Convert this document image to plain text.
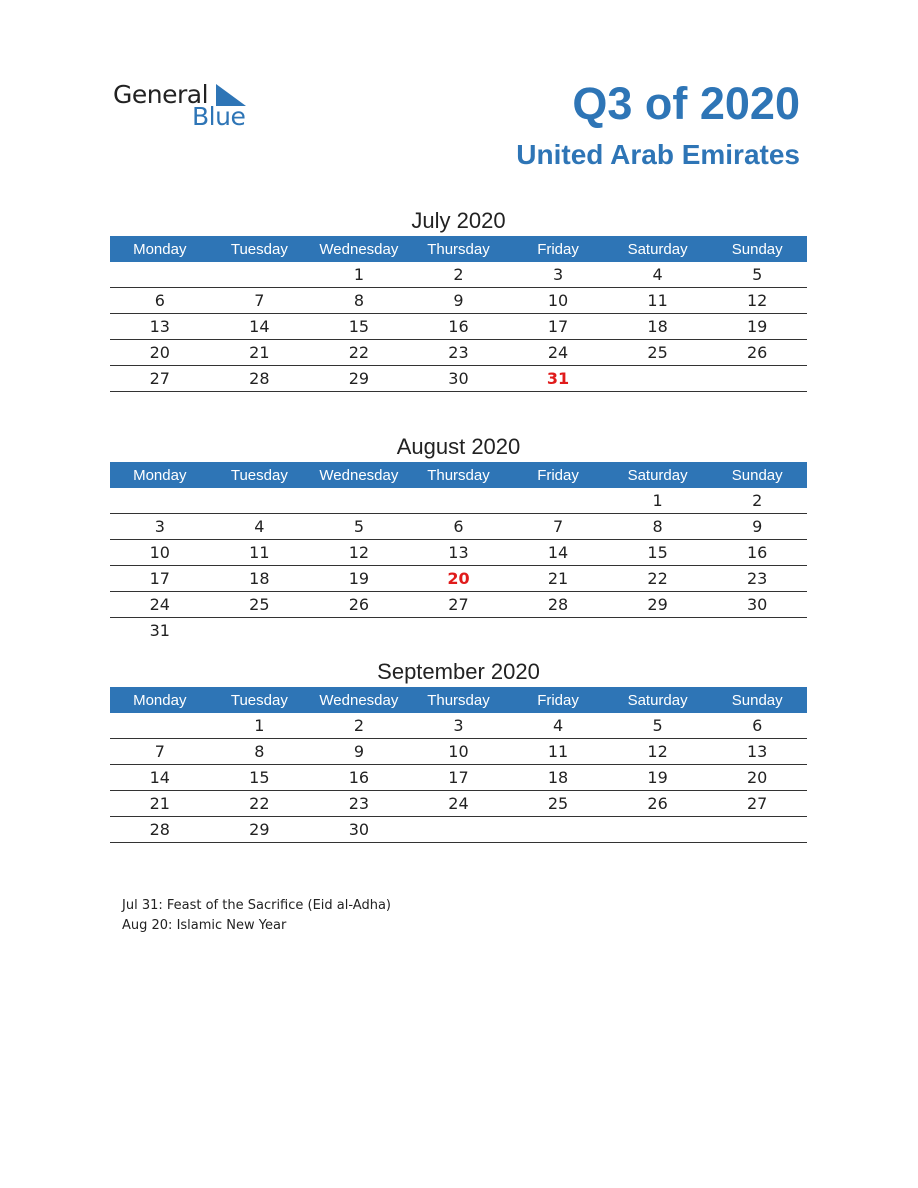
General
Blue	Q3 of 2020
United Arab Emirates
July 2020
Monday	Tuesday	Wednesday	Thursday	Friday	Saturday	Sunday
		1	2	3	4	5
6	7	8	9	10	11	12
13	14	15	16	17	18	19
20	21	22	23	24	25	26
27	28	29	30	31		
August 2020
Monday	Tuesday	Wednesday	Thursday	Friday	Saturday	Sunday
					1	2
3	4	5	6	7	8	9
10	11	12	13	14	15	16
17	18	19	20	21	22	23
24	25	26	27	28	29	30
31						
September 2020
Monday	Tuesday	Wednesday	Thursday	Friday	Saturday	Sunday
	1	2	3	4	5	6
7	8	9	10	11	12	13
14	15	16	17	18	19	20
21	22	23	24	25	26	27
28	29	30				
Jul 31: Feast of the Sacrifice (Eid al-Adha)
Aug 20: Islamic New Year
